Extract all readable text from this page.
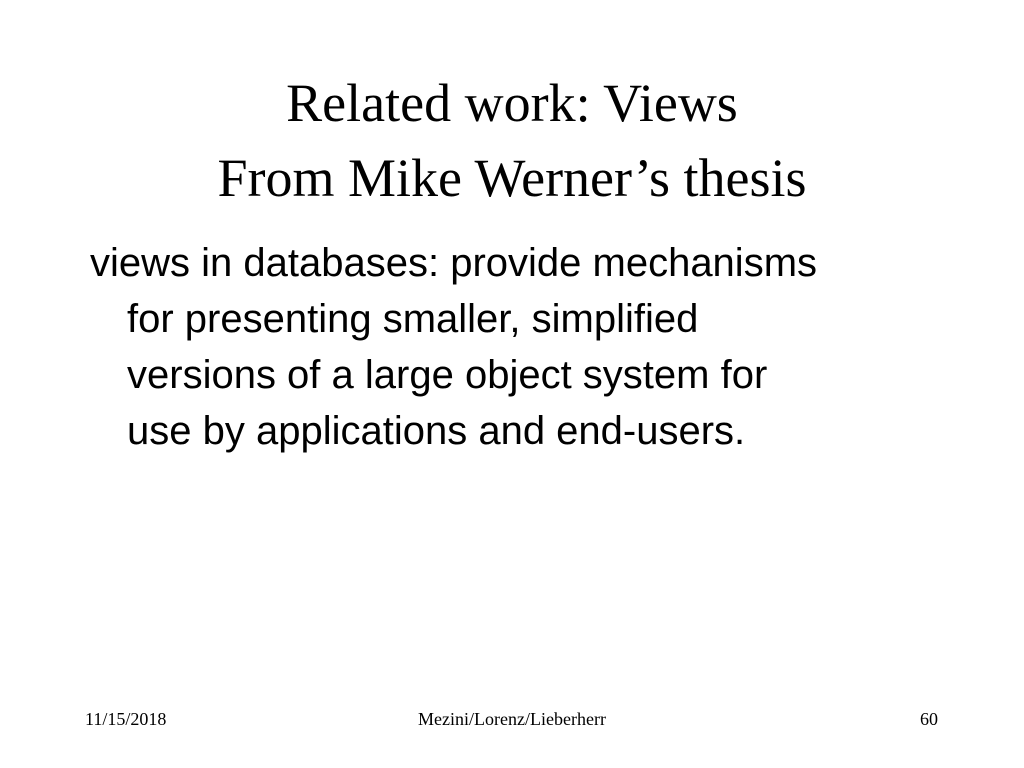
Related work: Views
From Mike Werner’s thesis
views in databases: provide mechanisms
for presenting smaller, simplified
versions of a large object system for
use by applications and end-users.
11/15/2018	Mezini/Lorenz/Lieberherr	60
